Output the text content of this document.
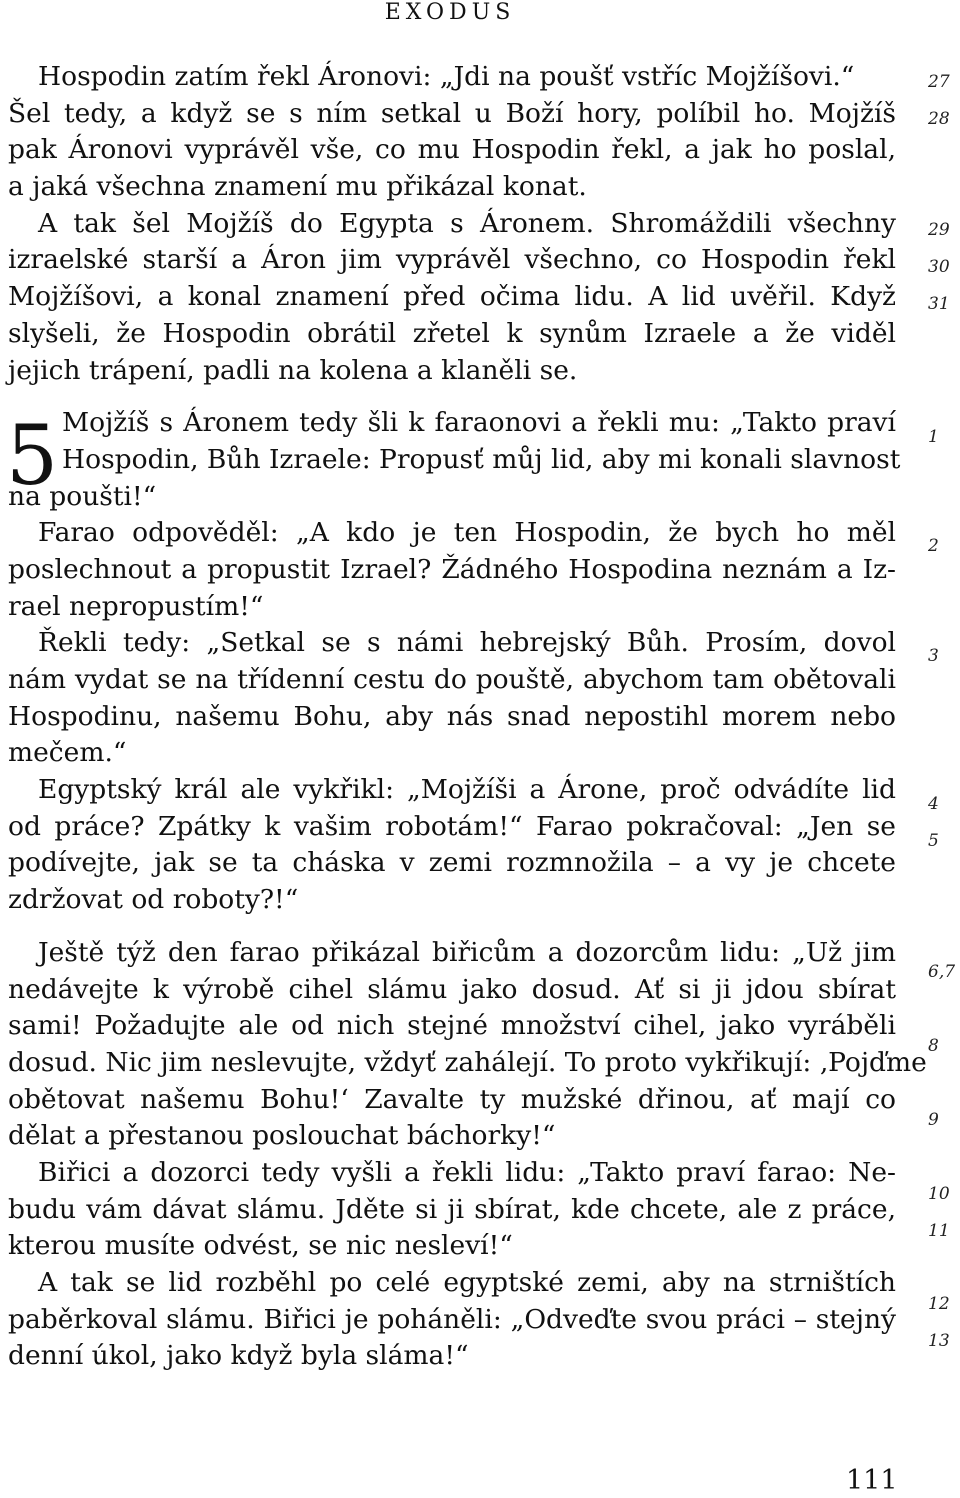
EXODUS
5
Hospodin zatím řekl Áronovi: „Jdi na poušť vstříc Mojžíšovi.“
Šel tedy, a když se s ním setkal u Boží hory, políbil ho. Mojžíš
pak Áronovi vyprávěl vše, co mu Hospodin řekl, a jak ho poslal,
a jaká všechna znamení mu přikázal konat.
A tak šel Mojžíš do Egypta s Áronem. Shromáždili všechny
izraelské starší a Áron jim vyprávěl všechno, co Hospodin řekl
Mojžíšovi, a konal znamení před očima lidu. A lid uvěřil. Když
slyšeli, že Hospodin obrátil zřetel k synům Izraele a že viděl
jejich trápení, padli na kolena a klaněli se.
Mojžíš s Áronem tedy šli k faraonovi a řekli mu: „Takto praví
Hospodin, Bůh Izraele: Propusť můj lid, aby mi konali slavnost
na poušti!“
Farao odpověděl: „A kdo je ten Hospodin, že bych ho měl
poslechnout a propustit Izrael? Žádného Hospodina neznám a Iz-
rael nepropustím!“
Řekli tedy: „Setkal se s námi hebrejský Bůh. Prosím, dovol
nám vydat se na třídenní cestu do pouště, abychom tam obětovali
Hospodinu, našemu Bohu, aby nás snad nepostihl morem nebo
mečem.“
Egyptský král ale vykřikl: „Mojžíši a Árone, proč odvádíte lid
od práce? Zpátky k vašim robotám!“ Farao pokračoval: „Jen se
podívejte, jak se ta cháska v zemi rozmnožila – a vy je chcete
zdržovat od roboty?!“
Ještě týž den farao přikázal biřicům a dozorcům lidu: „Už jim
nedávejte k výrobě cihel slámu jako dosud. Ať si ji jdou sbírat
sami! Požadujte ale od nich stejné množství cihel, jako vyráběli
dosud. Nic jim neslevujte, vždyť zahálejí. To proto vykřikují: ‚Pojďme
obětovat našemu Bohu!‘ Zavalte ty mužské dřinou, ať mají co
dělat a přestanou poslouchat báchorky!“
Biřici a dozorci tedy vyšli a řekli lidu: „Takto praví farao: Ne-
budu vám dávat slámu. Jděte si ji sbírat, kde chcete, ale z práce,
kterou musíte odvést, se nic nesleví!“
A tak se lid rozběhl po celé egyptské zemi, aby na strništích
paběrkoval slámu. Biřici je poháněli: „Odveďte svou práci – stejný
denní úkol, jako když byla sláma!“
27
28
29
30
31
1
2
3
4
5
6,7
8
9
10
11
12
13
111
